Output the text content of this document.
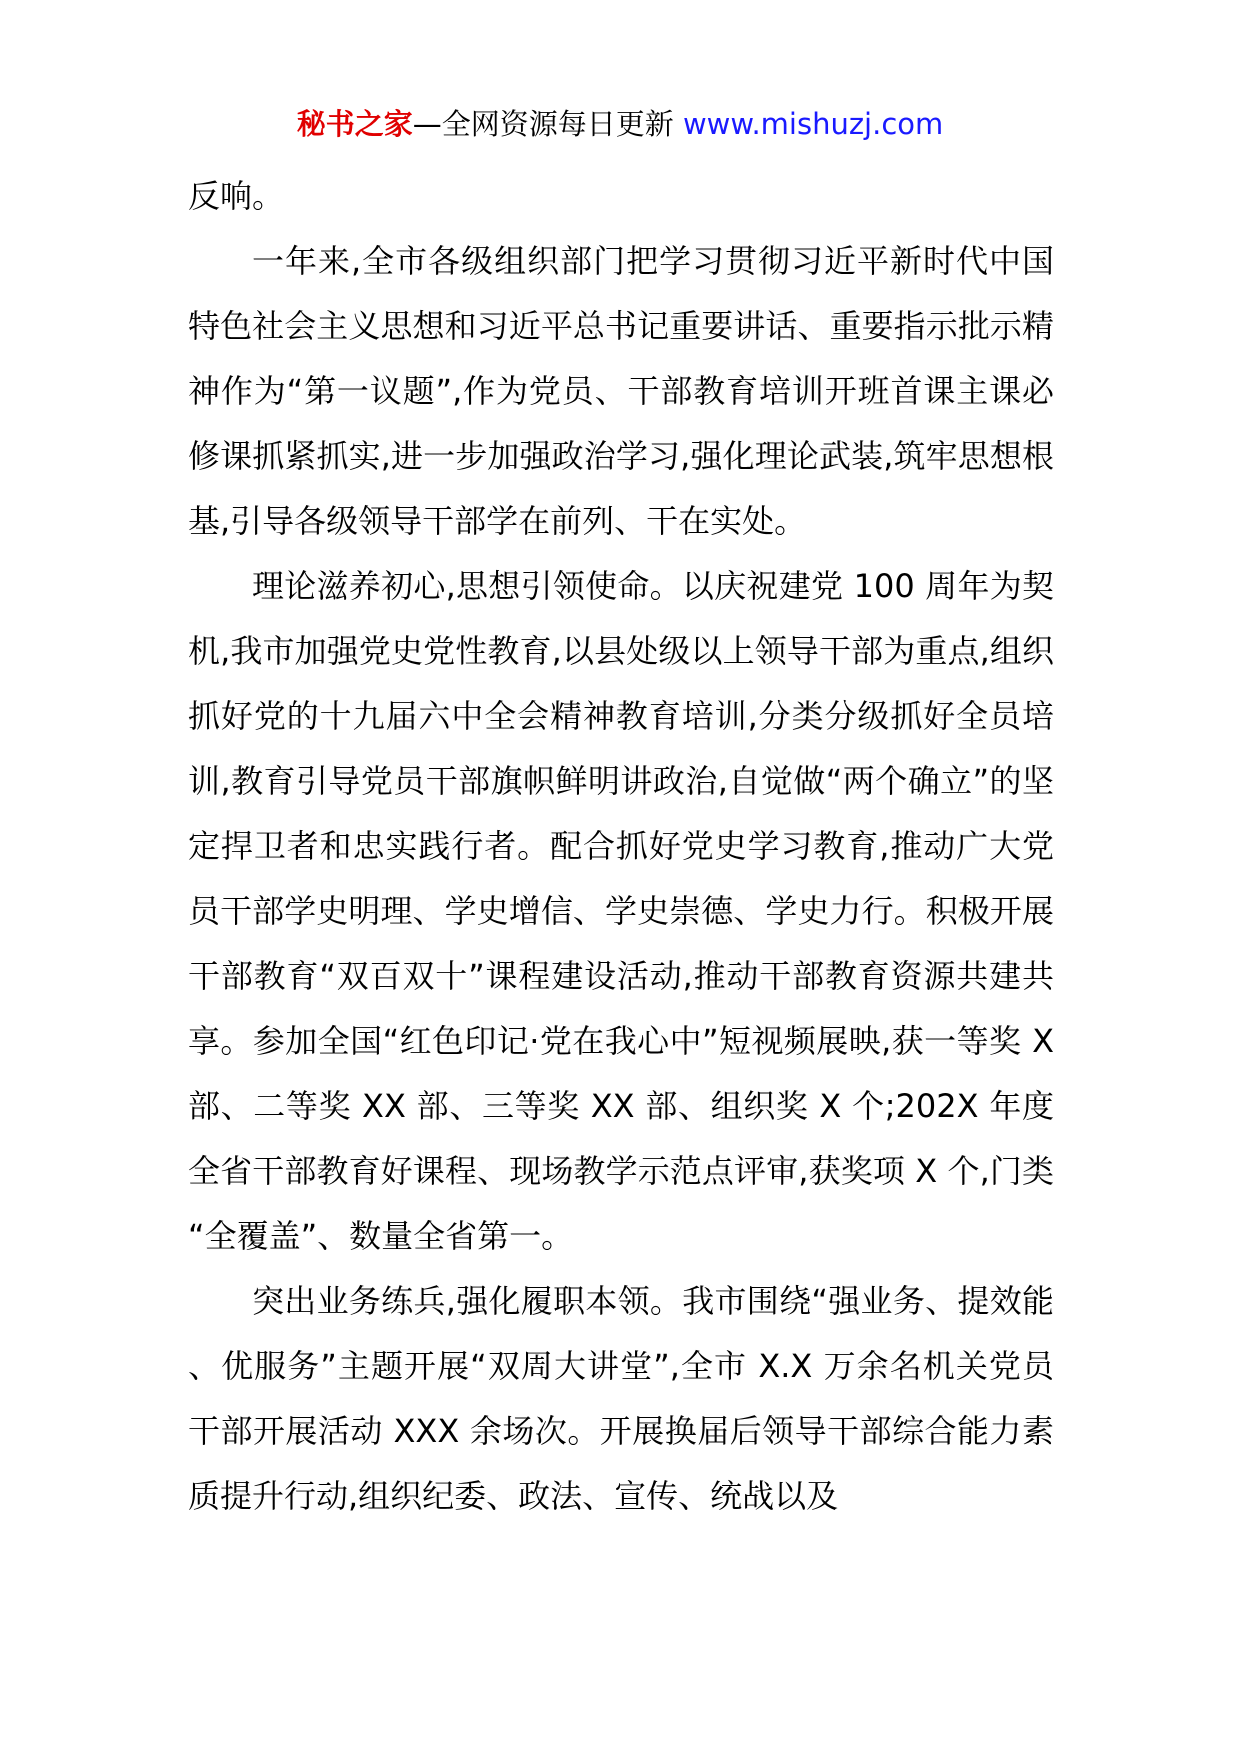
秘书之家—全网资源每日更新 www.mishuzj.com

反响。

一年来,全市各级组织部门把学习贯彻习近平新时代中国特色社会主义思想和习近平总书记重要讲话、重要指示批示精神作为“第一议题”,作为党员、干部教育培训开班首课主课必修课抓紧抓实,进一步加强政治学习,强化理论武装,筑牢思想根基,引导各级领导干部学在前列、干在实处。

理论滋养初心,思想引领使命。以庆祝建党 100 周年为契机,我市加强党史党性教育,以县处级以上领导干部为重点,组织抓好党的十九届六中全会精神教育培训,分类分级抓好全员培训,教育引导党员干部旗帜鲜明讲政治,自觉做“两个确立”的坚定捍卫者和忠实践行者。配合抓好党史学习教育,推动广大党员干部学史明理、学史增信、学史崇德、学史力行。积极开展干部教育“双百双十”课程建设活动,推动干部教育资源共建共享。参加全国“红色印记·党在我心中”短视频展映,获一等奖 X 部、二等奖 XX 部、三等奖 XX 部、组织奖 X 个;202X 年度全省干部教育好课程、现场教学示范点评审,获奖项 X 个,门类“全覆盖”、数量全省第一。

突出业务练兵,强化履职本领。我市围绕“强业务、提效能、优服务”主题开展“双周大讲堂”,全市 X.X 万余名机关党员干部开展活动 XXX 余场次。开展换届后领导干部综合能力素质提升行动,组织纪委、政法、宣传、统战以及
